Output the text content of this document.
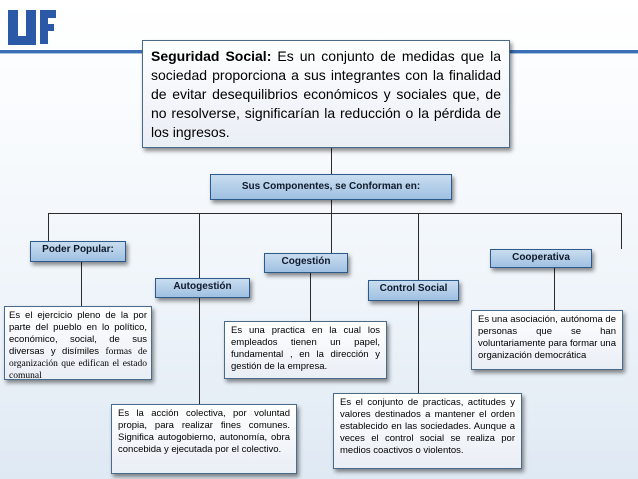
Seguridad Social: Es un conjunto de medidas que la sociedad proporciona a sus integrantes con la finalidad de evitar desequilibrios económicos y sociales que, de no resolverse, significarían la reducción o la pérdida de los ingresos.
Sus Componentes, se Conforman en:
Poder Popular:
Autogestión
Cogestión
Control Social
Cooperativa
Es el ejercicio pleno de la por parte del pueblo en lo político, económico, social, de sus diversas y disímiles formas de organización que edifican el estado comunal
Es la acción colectiva, por voluntad propia, para realizar fines comunes. Significa autogobierno, autonomía, obra concebida y ejecutada por el colectivo.
Es una practica en la cual los empleados tienen un papel, fundamental , en la dirección y gestión de la empresa.
Es el conjunto de practicas, actitudes y valores destinados a mantener el orden establecido en las sociedades. Aunque a veces el control social se realiza por medios coactivos o violentos.
Es una asociación, autónoma de personas que se han voluntariamente para formar una organización democrática
